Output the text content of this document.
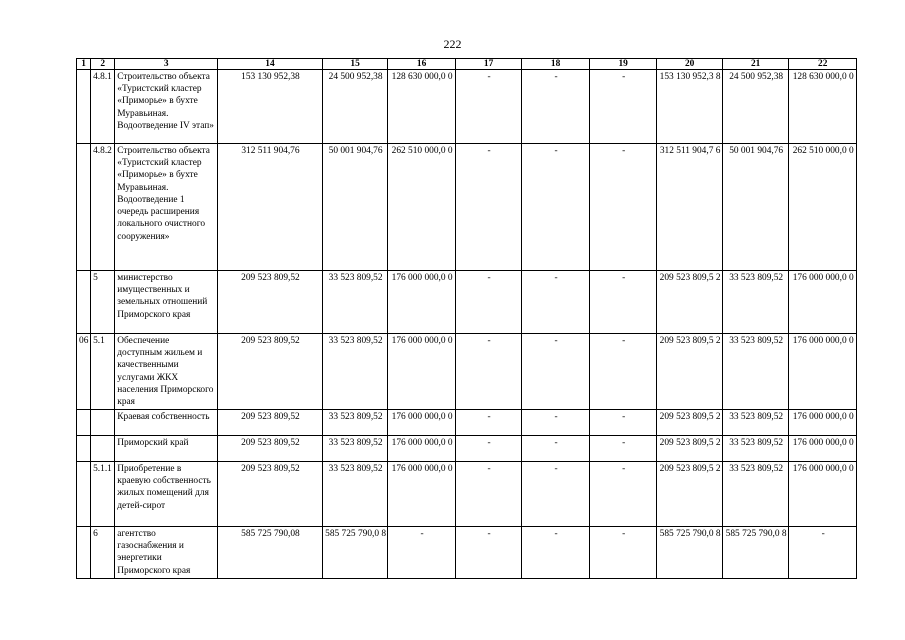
222
1	2	3	14	15	16	17	18	19	20	21	22
	4.8.1	Строительство объекта «Туристский кластер «Приморье» в бухте Муравьиная. Водоотведение IV этап»	153 130 952,38	24 500 952,38	128 630 000,0 0	-	-	-	153 130 952,3 8	24 500 952,38	128 630 000,0 0
	4.8.2	Строительство объекта «Туристский кластер «Приморье» в бухте Муравьиная. Водоотведение 1 очередь расширения локального очистного сооружения»	312 511 904,76	50 001 904,76	262 510 000,0 0	-	-	-	312 511 904,7 6	50 001 904,76	262 510 000,0 0
	5	министерство имущественных и земельных отношений Приморского края	209 523 809,52	33 523 809,52	176 000 000,0 0	-	-	-	209 523 809,5 2	33 523 809,52	176 000 000,0 0
06	5.1	Обеспечение доступным жильем и качественными услугами ЖКХ населения Приморского края	209 523 809,52	33 523 809,52	176 000 000,0 0	-	-	-	209 523 809,5 2	33 523 809,52	176 000 000,0 0
		Краевая собственность	209 523 809,52	33 523 809,52	176 000 000,0 0	-	-	-	209 523 809,5 2	33 523 809,52	176 000 000,0 0
		Приморский край	209 523 809,52	33 523 809,52	176 000 000,0 0	-	-	-	209 523 809,5 2	33 523 809,52	176 000 000,0 0
	5.1.1	Приобретение в краевую собственность жилых помещений для детей-сирот	209 523 809,52	33 523 809,52	176 000 000,0 0	-	-	-	209 523 809,5 2	33 523 809,52	176 000 000,0 0
	6	агентство газоснабжения и энергетики Приморского края	585 725 790,08	585 725 790,0 8	-	-	-	-	585 725 790,0 8	585 725 790,0 8	-
